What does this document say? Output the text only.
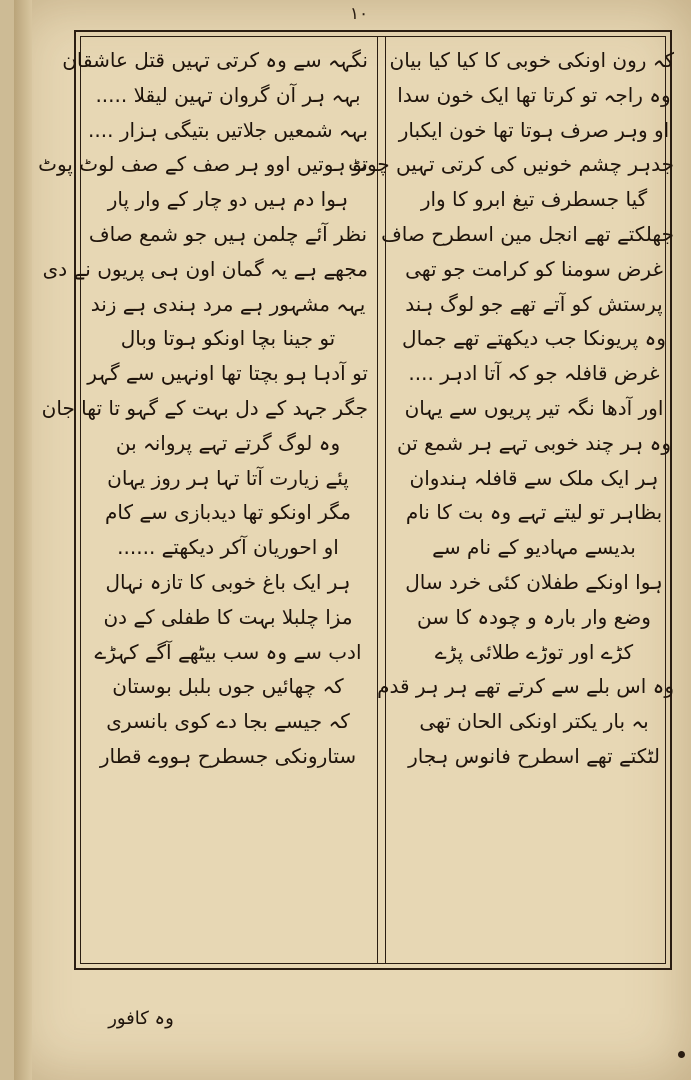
۱۰
کہ رون اونکی خوبی کا کیا کیا بیان
وہ راجہ تو کرتا تھا ایک خون سدا
او وہر صرف ہوتا تھا خون ایکبار
جدہر چشم خونیں کی کرتی تہیں چوٹ
گیا جسطرف تیغ ابرو کا وار
جھلکتے تھے انجل مین اسطرح صاف
غرض سومنا کو کرامت جو تھی
پرستش کو آتے تھے جو لوگ ہند
وہ پریونکا جب دیکھتے تھے جمال
غرض قافلہ جو کہ آتا ادہر ....
اور آدھا نگہ تیر پریوں سے یہان
وہ ہر چند خوبی تہے ہر شمع تن
ہر ایک ملک سے قافلہ ہندوان
بظاہر تو لیتے تہے وہ بت کا نام
بدیسے مہادیو کے نام سے
ہوا اونکے طفلان کئی خرد سال
وضع وار بارہ و چودہ کا سن
کڑے اور توڑے طلائی پڑے
وہ اس بلے سے کرتے تھے ہر ہر قدم
بہ بار یکتر اونکی الحان تھی
لٹکتے تھے اسطرح فانوس ہجار
نگہہ سے وہ کرتی تہیں قتل عاشقان
بہہ ہر آن گروان تہین لیقلا .....
بہہ شمعیں جلاتیں بتیگی ہزار ....
تو ہوتیں اوو ہر صف کے صف لوٹ پوٹ
ہوا دم ہیں دو چار کے وار پار
نظر آئے چلمن ہیں جو شمع صاف
مجھے ہے یہ گمان اون ہی پریوں نے دی
یہہ مشہور ہے مرد ہندی ہے زند
تو جینا بچا اونکو ہوتا وبال
تو آدہا ہو بچتا تھا اونہیں سے گہر
جگر جہد کے دل بہت کے گہو تا تھا جان
وہ لوگ گرتے تہے پروانہ بن
پئے زیارت آتا تہا ہر روز یہان
مگر اونکو تھا دیدبازی سے کام
او احوریان آکر دیکھتے ......
ہر ایک باغ خوبی کا تازہ نہال
مزا چلبلا بہت کا طفلی کے دن
ادب سے وہ سب بیٹھے آگے کہڑے
کہ چھائیں جوں بلبل بوستان
کہ جیسے بجا دے کوی بانسری
ستارونکی جسطرح ہووے قطار
وہ کافور
